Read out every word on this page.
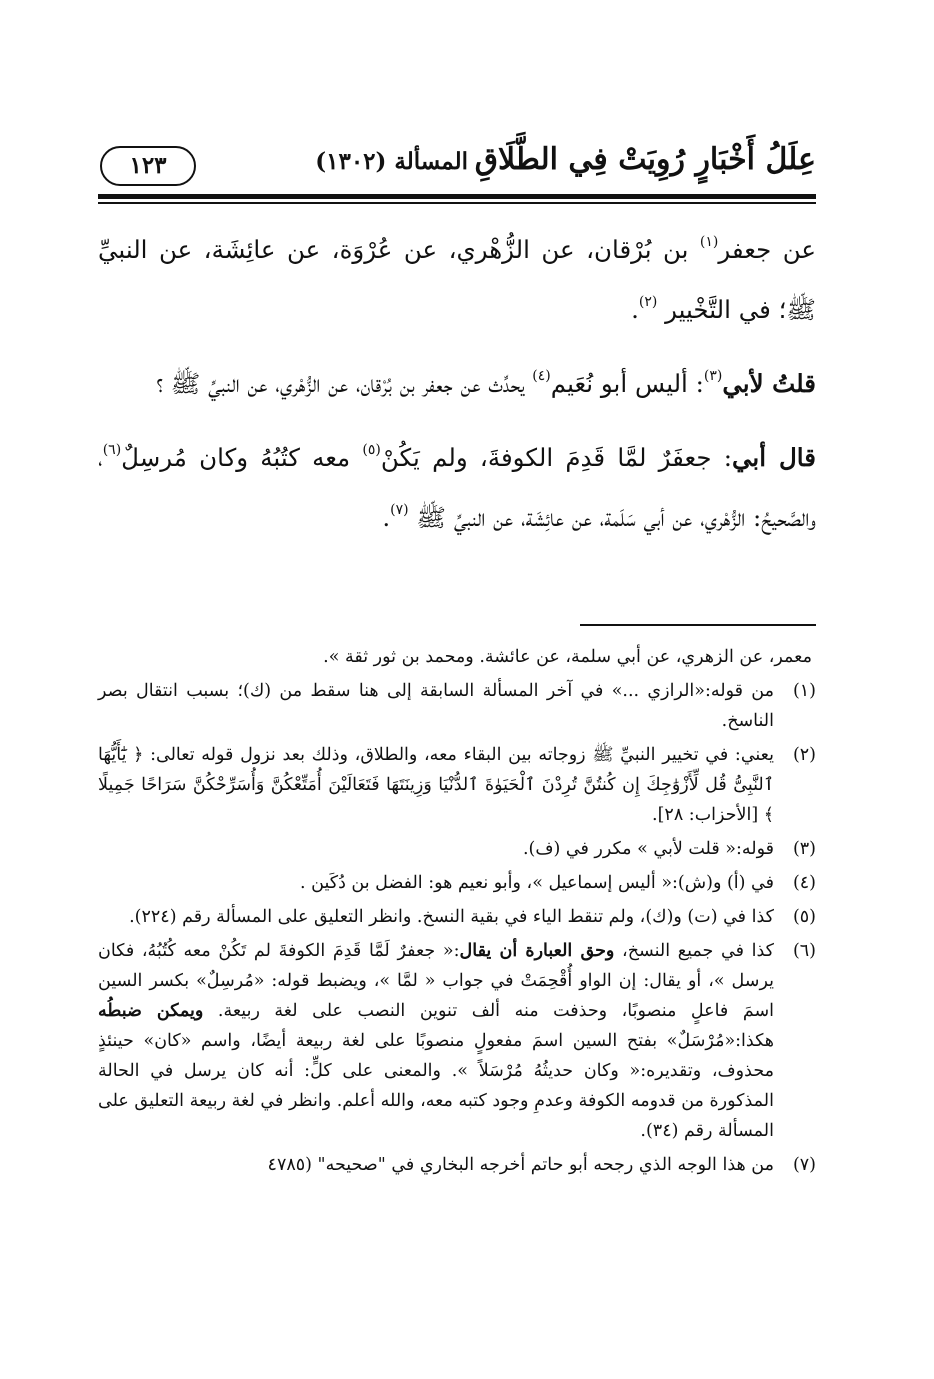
عِلَلُ أَخْبَارٍ رُوِيَتْ فِي الطَّلَاقِ
المسألة (١٣٠٢)
١٢٣

عن جعفر$^{(١)}$ بن بُرْقان، عن الزُّهْري، عن عُرْوَة، عن عائِشَة، عن النبيِّ ﷺ؛ في التَّخْيير $^{(٢)}$.

قلتُ لأبي$^{(٣)}$: أليس أبو نُعَيم$^{(٤)}$ يحدِّث عن جعفر بن بُرْقان، عن الزُّهْري، عن النبيِّ ﷺ ؟

قال أبي: جعفَرٌ لمَّا قَدِمَ الكوفةَ، ولم يَكُنْ$^{(٥)}$ معه كتُبُهُ وكان مُرسِلٌ$^{(٦)}$، والصَّحيحُ: الزُّهْري، عن أبي سَلَمة، عن عائِشَة، عن النبيِّ ﷺ $^{(٧)}$.

معمر، عن الزهري، عن أبي سلمة، عن عائشة. ومحمد بن ثور ثقة ».
(١)
من قوله:«الرازي ...» في آخر المسألة السابقة إلى هنا سقط من (ك)؛ بسبب انتقال بصر الناسخ.
(٢)
يعني: في تخيير النبيِّ ﷺ زوجاته بين البقاء معه، والطلاق، وذلك بعد نزول قوله تعالى: ﴿ يَٰٓأَيُّهَا ٱلنَّبِىُّ قُل لِّأَزْوَٰجِكَ إِن كُنتُنَّ تُرِدْنَ ٱلْحَيَوٰةَ ٱلدُّنْيَا وَزِينَتَهَا فَتَعَالَيْنَ أُمَتِّعْكُنَّ وَأُسَرِّحْكُنَّ سَرَاحًا جَمِيلًا ﴾ [الأحزاب: ٢٨].
(٣)
قوله:« قلت لأبي » مكرر في (ف).
(٤)
في (أ) و(ش):« أليس إسماعيل »، وأبو نعيم هو: الفضل بن دُكَين .
(٥)
كذا في (ت) و(ك)، ولم تنقط الياء في بقية النسخ. وانظر التعليق على المسألة رقم (٢٢٤).
(٦)
كذا في جميع النسخ، وحق العبارة أن يقال:« جعفرٌ لَمَّا قَدِمَ الكوفةَ لم تَكُنْ معه كُتُبُهُ، فكان يرسل »، أو يقال: إن الواو أُقْحِمَتْ في جواب « لمَّا »، ويضبط قوله: «مُرسِلٌ» بكسر السين اسمَ فاعلٍ منصوبًا، وحذفت منه ألف تنوين النصب على لغة ربيعة. ويمكن ضبطُه هكذا:«مُرْسَلٌ» بفتح السين اسمَ مفعولٍ منصوبًا على لغة ربيعة أيضًا، واسم «كان» حينئذٍ محذوف، وتقديره:« وكان حديثُهُ مُرْسَلاً ». والمعنى على كلٍّ: أنه كان يرسل في الحالة المذكورة من قدومه الكوفة وعدمِ وجود كتبه معه، والله أعلم. وانظر في لغة ربيعة التعليق على المسألة رقم (٣٤).
(٧)
من هذا الوجه الذي رجحه أبو حاتم أخرجه البخاري في "صحيحه" (٤٧٨٥
